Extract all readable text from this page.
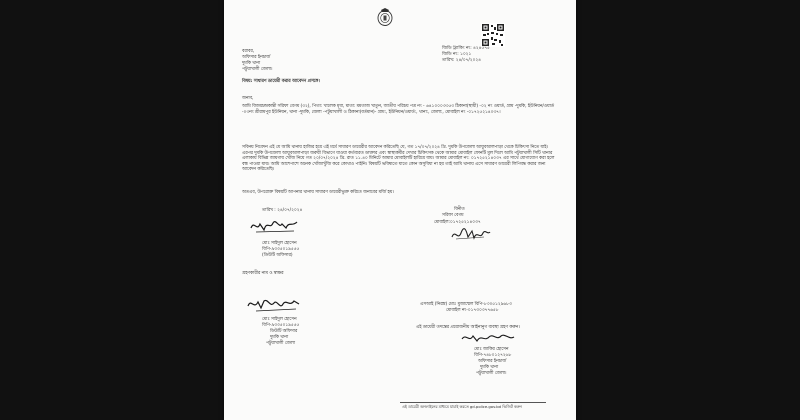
জিডি ট্র্যাকিং নং: ৪২৪৫৭৫
জিডি নং: ১০২১
তারিখ: ২৪/০৭/২০২৪
বরাবর,
অফিসার ইনচার্জ
দুমকি থানা
পটুয়াখালী জেলা।
বিষয়: সাধারণ ডায়েরী করার আবেদন প্রসঙ্গে।
জনাব,
আমি বিজয়চন্দ্রকান্তী সরিফা বেগম (৩২), পিতা: খালেক মৃধা, মাতা: মমতাজ খাতুন, জাতীয় পরিচয় পত্র নং - ৬৪১০০০৩৩৫৩ ঠিকানা(স্থায়ী) -০২ নং ওয়ার্ড, গ্রাম -দুমকি, ইউনিয়ন/ওয়ার্ড -০৩নং শ্রীরামপুর ইউনিয়ন, থানা -দুমকি, জেলা -পটুয়াখালী ও ঠিকানা(বর্তমান)- গ্রাম:, ইউনিয়ন/ওয়ার্ড:, থানা:, জেলা:, মোবাইল নং -০১৭২৫২১৪০৩৭।
সবিনয় নিবেদন এই যে আমি থানায় হাজির হয়ে এই মর্মে সাধারণ ডায়েরীর আবেদন করিতেছি যে, গত ১৭/০৭/২০২৪ খ্রি. দুমকি উপজেলা আয়ুবআলপাড়া থেকে চিকিৎসা নিতে যাই। এরপর দুমকি উপজেলা আয়ুবআলপাড়া জরুরী বিভাগে যাওয়া কর্তব্যরত ডাক্তার এবং স্বাস্থ্যকর্মীর দেখার চিকিৎসক থেকে আমার মোবাইল ফোনটি মুল দিলে আমি পটুয়াখালী সিটি থানার এলাকায় বিভিন্ন জায়গায় খোঁজ নিয়ে গত ২০/০৭/২০২৪ খ্রি. রাত ১১.৪০ মিনিটে আমার মোবাইলটি হারিয়ে যায়। আমার মোবাইল নং: ০১৭২৫২১৪০৩৭ এর সাথে যোগাযোগ করা হলে বন্ধ পাওয়া যায়। আমি আশেপাশে অনেক খোঁজাখুঁজি করে কোথাও পাইনি। বিষয়টি ভবিষ্যতে যাতে কোন অসুবিধা না হয় তাই আমি থানায় এসে সাধারণ ডায়েরী লিপিবদ্ধ করার জন্য আবেদন করিতেছি।
অতএব, উপরোক্ত বিষয়টি আপনার থানায় সাধারণ ডায়েরীভুক্ত করিতে জনাবের মর্জি হয়।
বিনীত
সরিফা বেগম
মোবাইল:০১৭২৫২১৪০৩৭
তারিখ : ২৪/০৭/২০২৪
মোঃ সাইদুল হোসেন
বিপি-৯৩৩৫০১৯৫৫৫
(ডিউটি অফিসার)
গ্রহণকারীর নাম ও স্বাক্ষর
মোঃ সাইদুল হোসেন
বিপি-৯৩৩৫০১৯৫৫৫
ডিউটি অফিসার
দুমকি থানা
পটুয়াখালী জেলা
এসআই (নিরস্ত্র) মোঃ মুজাম্মেল বিপি-৮৩০৫১২৯৬৮৩
মোবাইল নং-০১৭৩০৩৭৭৬৫৮
এই ডায়েরী তদন্তের প্রয়োজনীয় আইনানুগ ব্যবস্থা গ্রহণ করুন।
মোঃ জাকির হোসেন
বিপি-৭৪৮০১২৭২৬৮
অফিসার ইনচার্জ
দুমকি থানা
পটুয়াখালী জেলা।
এই ডায়েরী অনলাইনের মাধ্যমে যাচাই করতে gd.police.gov.bd ভিজিট করুন
